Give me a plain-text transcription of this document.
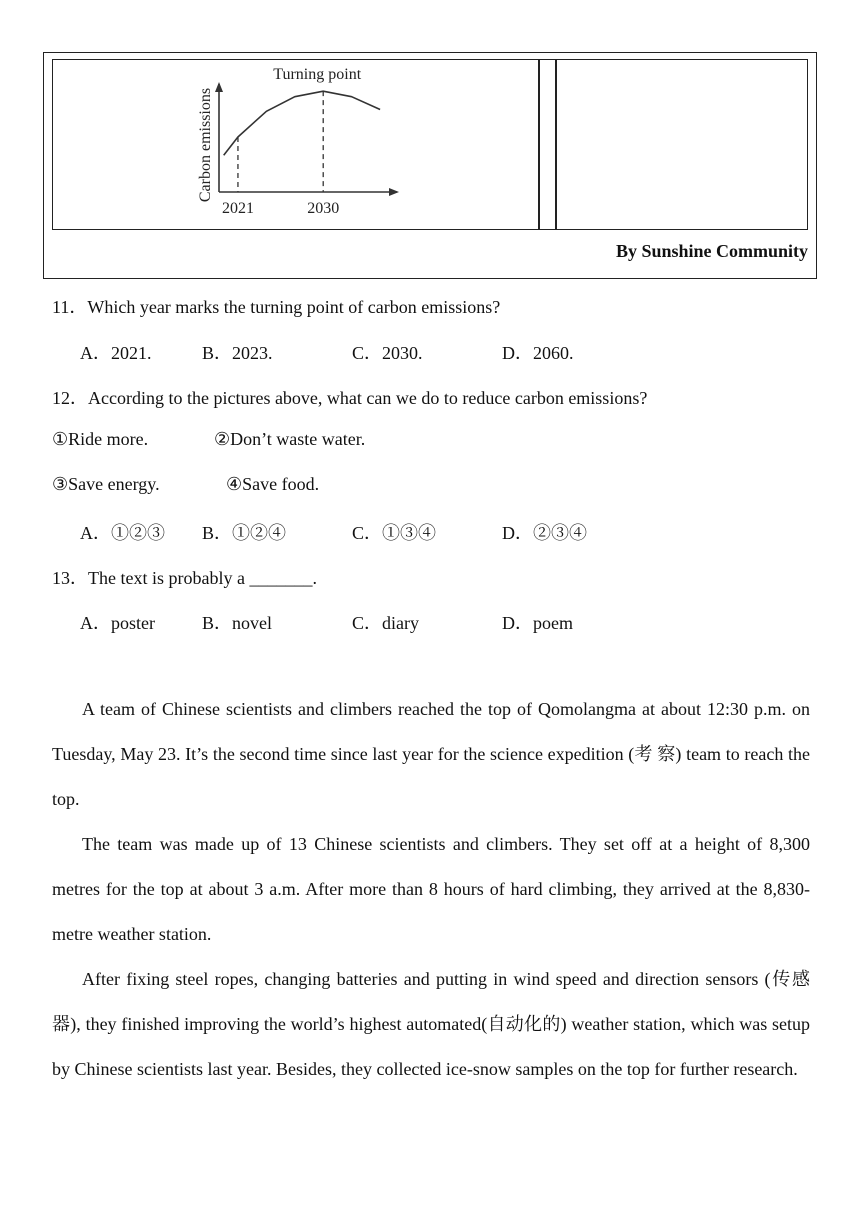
2021	2030
Carbon emissions
Turning point
By Sunshine Community
11．Which year marks the turning point of carbon emissions?
A．2021.	B．2023.	C．2030.	D．2060.
12．According to the pictures above, what can we do to reduce carbon emissions?
①Ride more.	②Don’t waste water.
③Save energy.	④Save food.
A．①②③ B．①②④	C．①③④	D．②③④
13．The text is probably a _______.
A．poster	B．novel	C．diary	D．poem
A team of Chinese scientists and climbers reached the top of Qomolangma at about 12:30 p.m. on Tuesday, May 23. It’s the second time since last year for the science expedition (考 察) team to reach the top.
The team was made up of 13 Chinese scientists and climbers. They set off at a height of 8,300 metres for the top at about 3 a.m. After more than 8 hours of hard climbing, they arrived at the 8,830-metre weather station.
After fixing steel ropes, changing batteries and putting in wind speed and direction sensors (传感器), they finished improving the world’s highest automated(自动化的) weather station, which was setup by Chinese scientists last year. Besides, they collected ice-snow samples on the top for further research.
